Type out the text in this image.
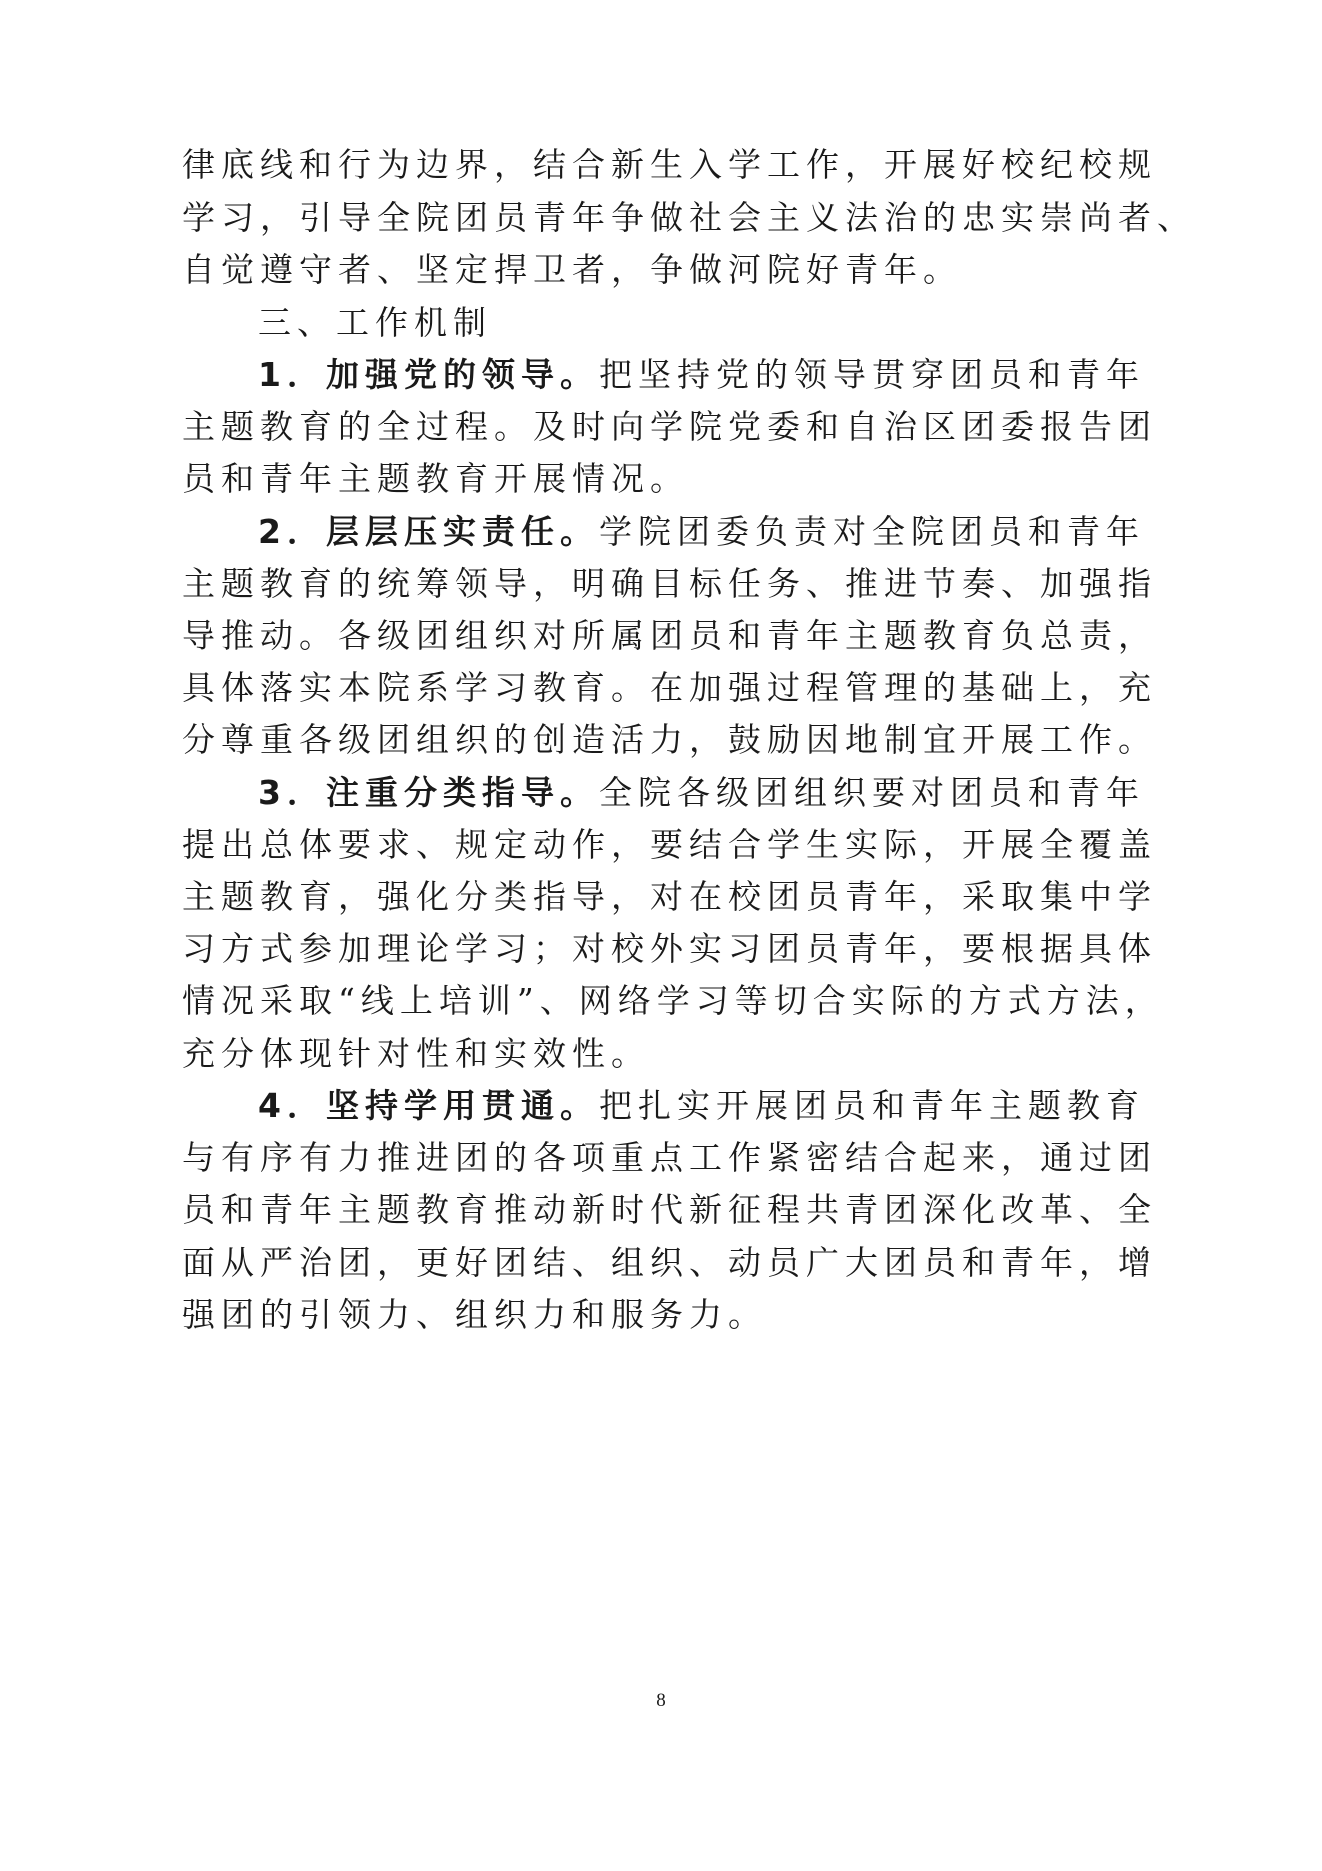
律底线和行为边界，结合新生入学工作，开展好校纪校规
学习，引导全院团员青年争做社会主义法治的忠实崇尚者、
自觉遵守者、坚定捍卫者，争做河院好青年。
三、工作机制
1．加强党的领导。把坚持党的领导贯穿团员和青年
主题教育的全过程。及时向学院党委和自治区团委报告团
员和青年主题教育开展情况。
2．层层压实责任。学院团委负责对全院团员和青年
主题教育的统筹领导，明确目标任务、推进节奏、加强指
导推动。各级团组织对所属团员和青年主题教育负总责，
具体落实本院系学习教育。在加强过程管理的基础上，充
分尊重各级团组织的创造活力，鼓励因地制宜开展工作。
3．注重分类指导。全院各级团组织要对团员和青年
提出总体要求、规定动作，要结合学生实际，开展全覆盖
主题教育，强化分类指导，对在校团员青年，采取集中学
习方式参加理论学习；对校外实习团员青年，要根据具体
情况采取“线上培训”、网络学习等切合实际的方式方法，
充分体现针对性和实效性。
4．坚持学用贯通。把扎实开展团员和青年主题教育
与有序有力推进团的各项重点工作紧密结合起来，通过团
员和青年主题教育推动新时代新征程共青团深化改革、全
面从严治团，更好团结、组织、动员广大团员和青年，增
强团的引领力、组织力和服务力。
8
